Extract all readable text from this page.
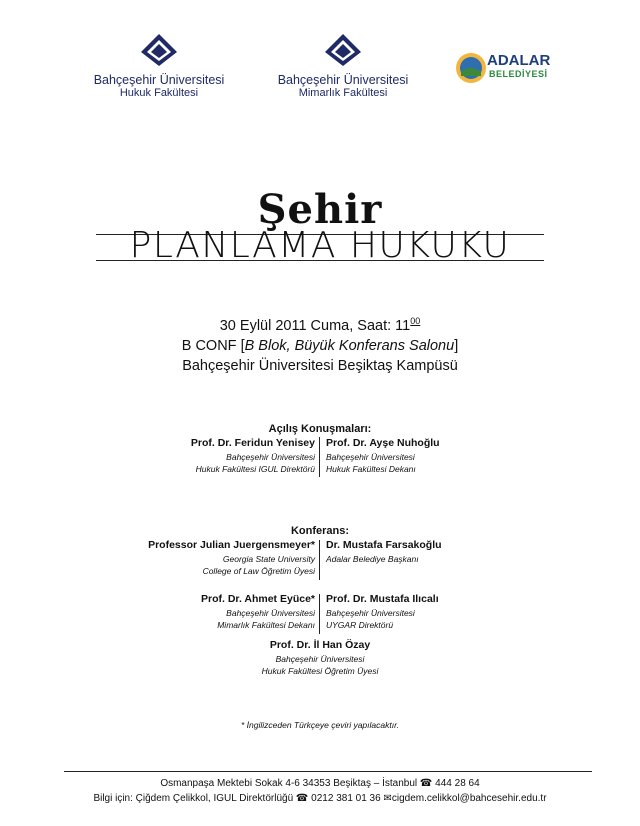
Bahçeşehir Üniversitesi
Hukuk Fakültesi
Bahçeşehir Üniversitesi
Mimarlık Fakültesi
ADALAR
BELEDİYESİ
Şehir
PLANLAMA HUKUKU
30 Eylül 2011 Cuma, Saat: $11^{00}$
B CONF [B Blok, Büyük Konferans Salonu]
Bahçeşehir Üniversitesi Beşiktaş Kampüsü
Açılış Konuşmaları:
Prof. Dr. Feridun Yenisey
Bahçeşehir Üniversitesi
Hukuk Fakültesi IGUL Direktörü
Prof. Dr. Ayşe Nuhoğlu
Bahçeşehir Üniversitesi
Hukuk Fakültesi Dekanı
Konferans:
Professor Julian Juergensmeyer*
Georgia State University
College of Law Öğretim Üyesi
Dr. Mustafa Farsakoğlu
Adalar Belediye Başkanı
Prof. Dr. Ahmet Eyüce*
Bahçeşehir Üniversitesi
Mimarlık Fakültesi Dekanı
Prof. Dr. Mustafa Ilıcalı
Bahçeşehir Üniversitesi
UYGAR Direktörü
Prof. Dr. İl Han Özay
Bahçeşehir Üniversitesi
Hukuk Fakültesi Öğretim Üyesi
* İngilizceden Türkçeye çeviri yapılacaktır.
Osmanpaşa Mektebi Sokak 4-6 34353 Beşiktaş – İstanbul ☎ 444 28 64
Bilgi için: Çiğdem Çelikkol, IGUL Direktörlüğü ☎ 0212 381 01 36 ✉cigdem.celikkol@bahcesehir.edu.tr
